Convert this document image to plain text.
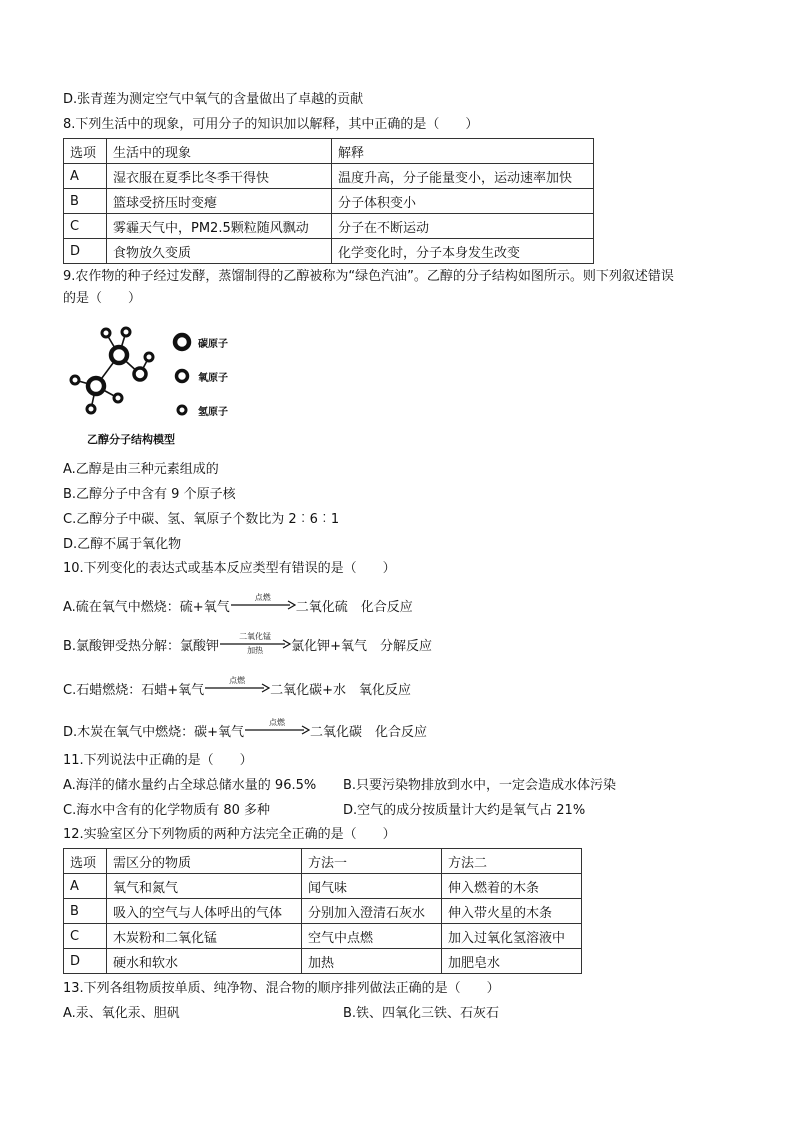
D.张青莲为测定空气中氧气的含量做出了卓越的贡献
8.下列生活中的现象，可用分子的知识加以解释，其中正确的是（　　）
选项	生活中的现象	解释
A	湿衣服在夏季比冬季干得快	温度升高，分子能量变小，运动速率加快
B	篮球受挤压时变瘪	分子体积变小
C	雾霾天气中，PM2.5颗粒随风飘动	分子在不断运动
D	食物放久变质	化学变化时，分子本身发生改变
9.农作物的种子经过发酵，蒸馏制得的乙醇被称为“绿色汽油”。乙醇的分子结构如图所示。则下列叙述错误
的是（　　）
碳原子
氧原子
氢原子
乙醇分子结构模型
A.乙醇是由三种元素组成的
B.乙醇分子中含有 9 个原子核
C.乙醇分子中碳、氢、氧原子个数比为 2︰6︰1
D.乙醇不属于氧化物
10.下列变化的表达式或基本反应类型有错误的是（　　）
A.硫在氧气中燃烧：硫+氧气
点燃
二氧化硫　化合反应
B.氯酸钾受热分解：氯酸钾
二氧化锰
加热	氯化钾+氧气　分解反应
C.石蜡燃烧：石蜡+氧气
点燃
二氧化碳+水　氧化反应
D.木炭在氧气中燃烧：碳+氧气
点燃
二氧化碳　化合反应
11.下列说法中正确的是（　　）
A.海洋的储水量约占全球总储水量的 96.5% B.只要污染物排放到水中，一定会造成水体污染
C.海水中含有的化学物质有 80 多种	D.空气的成分按质量计大约是氧气占 21%
12.实验室区分下列物质的两种方法完全正确的是（　　）
选项	需区分的物质	方法一	方法二
A	氧气和氮气	闻气味	伸入燃着的木条
B	吸入的空气与人体呼出的气体	分别加入澄清石灰水	伸入带火星的木条
C	木炭粉和二氧化锰	空气中点燃	加入过氧化氢溶液中
D	硬水和软水	加热	加肥皂水
13.下列各组物质按单质、纯净物、混合物的顺序排列做法正确的是（　　）
A.汞、氧化汞、胆矾	B.铁、四氧化三铁、石灰石
